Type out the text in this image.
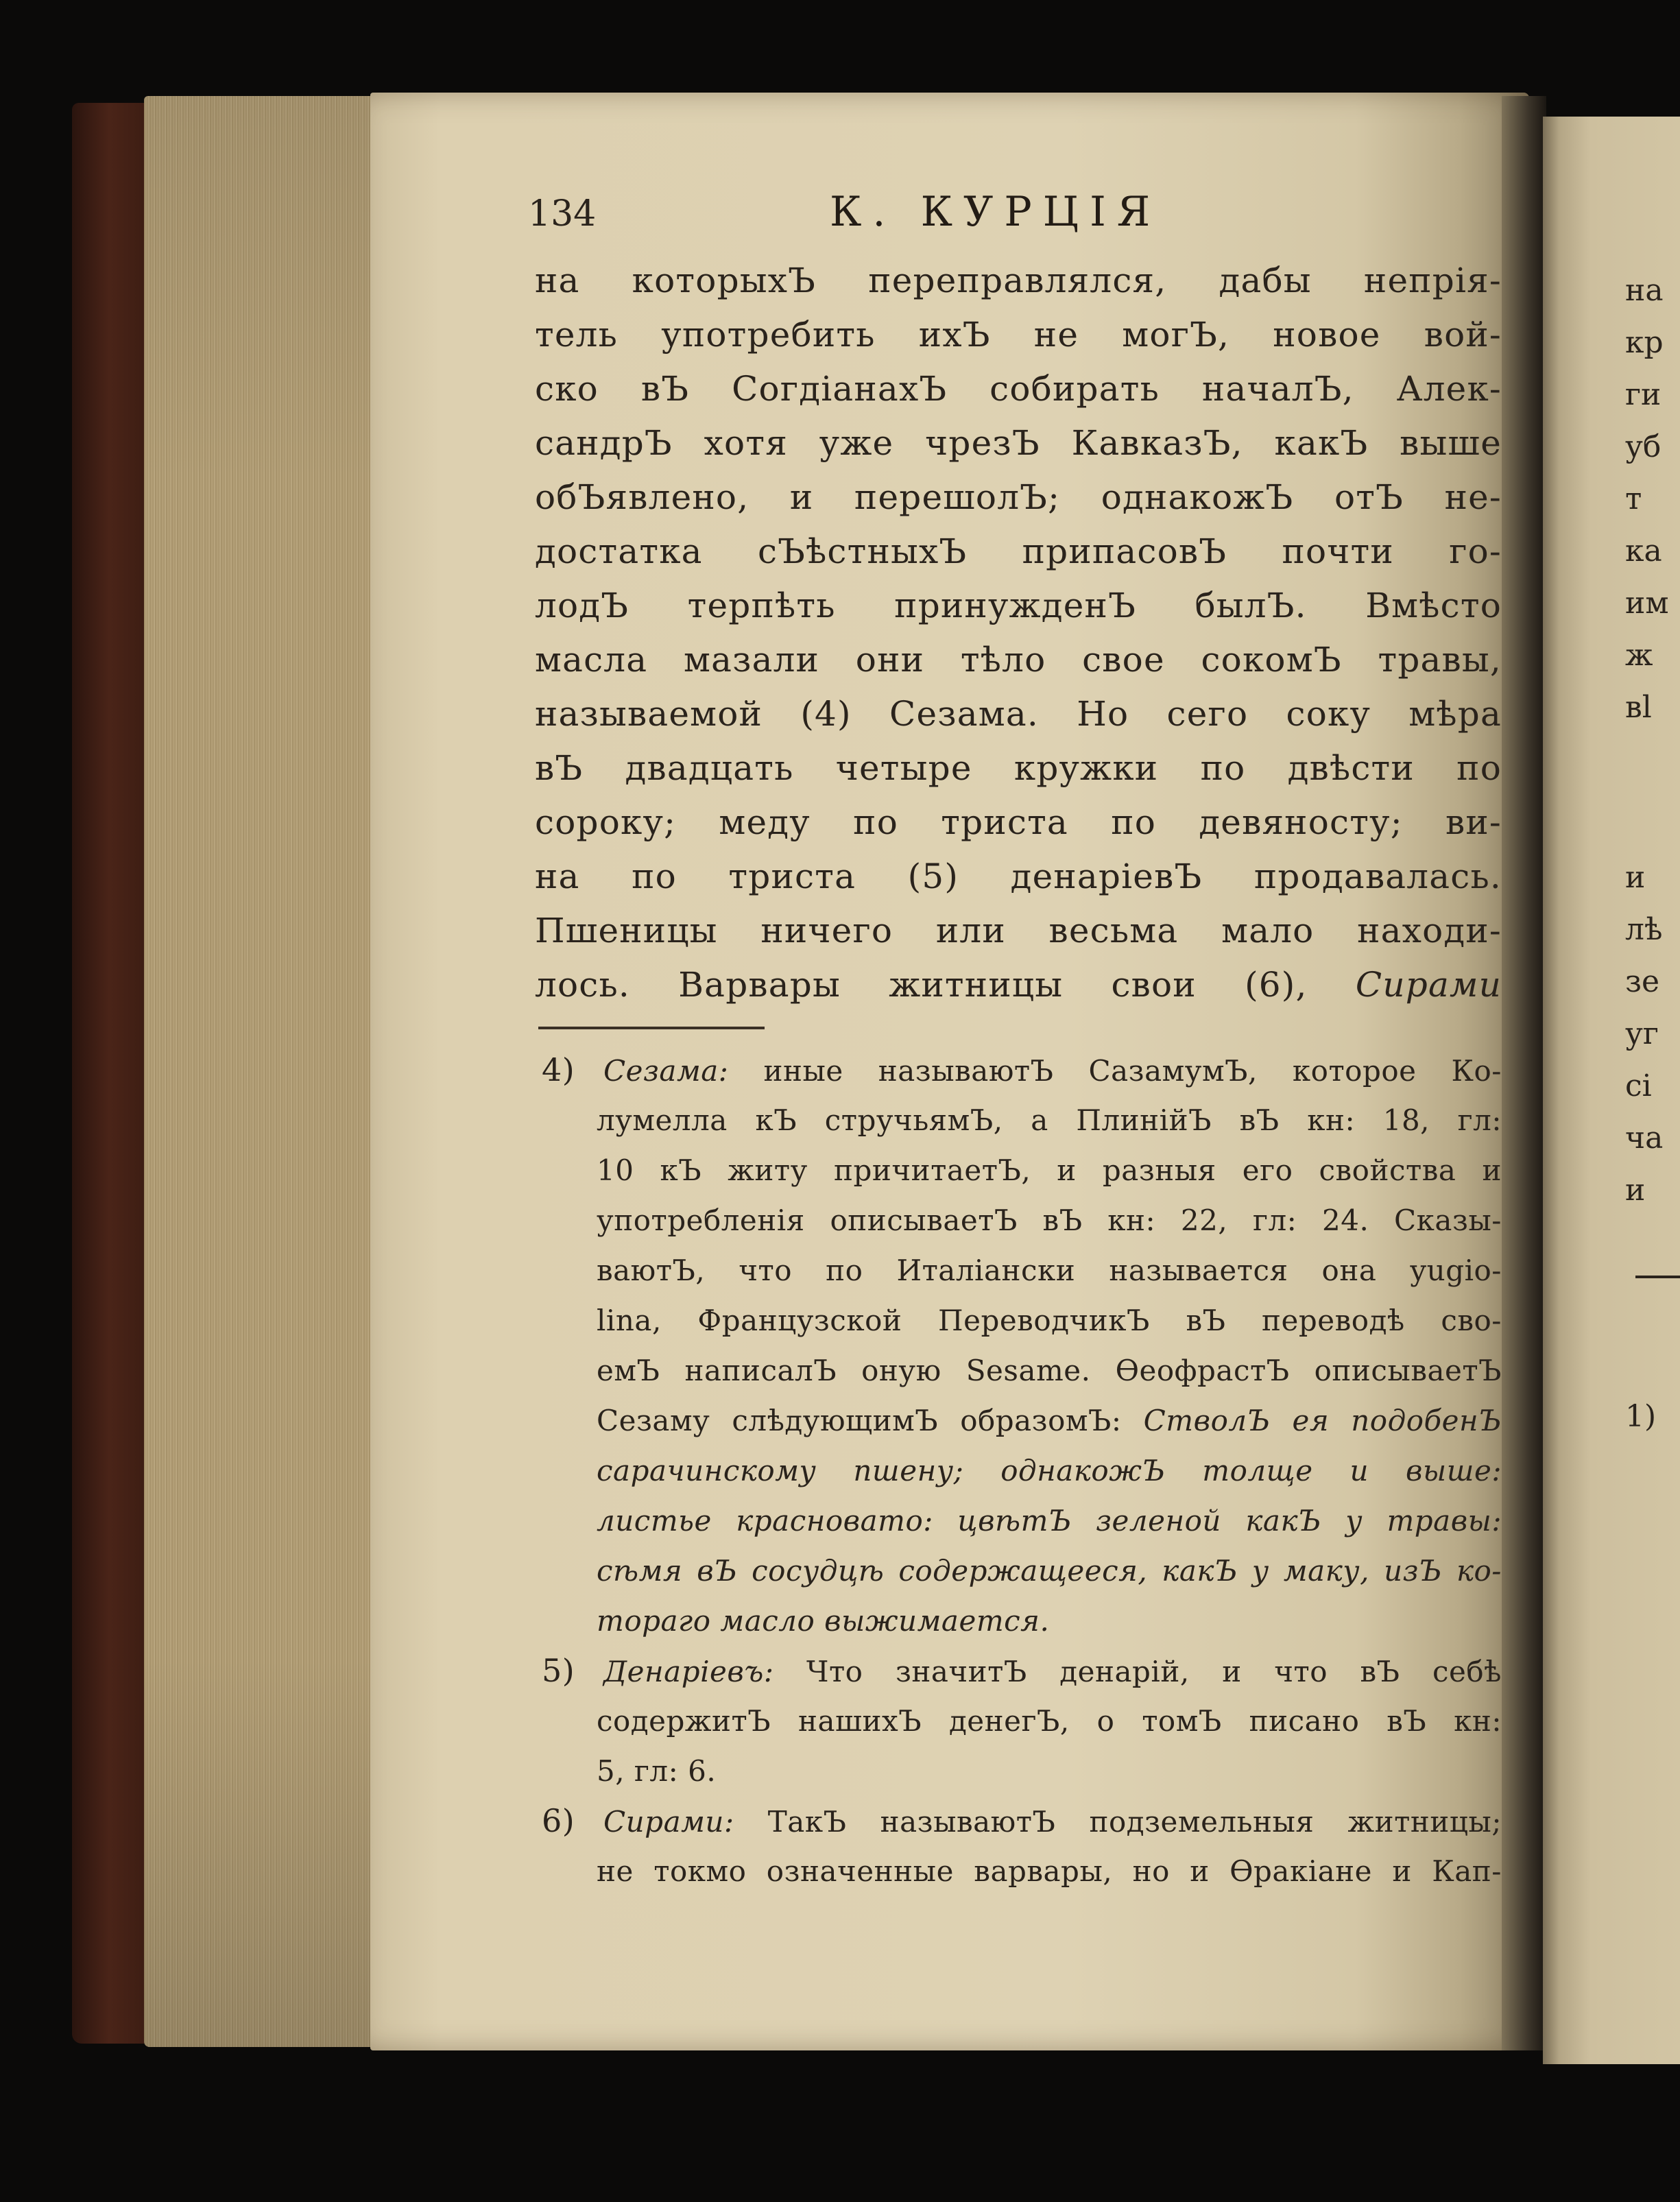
134	К. КУРЦІЯ
на которыхЪ переправлялся, дабы непрія-
тель употребить ихЪ не могЪ, новое вой-
ско вЪ СогдіанахЪ собирать началЪ, Алек-
сандрЪ хотя уже чрезЪ КавказЪ, какЪ выше
обЪявлено, и перешолЪ; однакожЪ отЪ не-
достатка сЪѣстныхЪ припасовЪ почти го-
лодЪ терпѣть принужденЪ былЪ. Вмѣсто
масла мазали они тѣло свое сокомЪ травы,
называемой (4) Сезама. Но сего соку мѣра
вЪ двадцать четыре кружки по двѣсти по
сороку; меду по триста по девяносту; ви-
на по триста (5) денаріевЪ продавалась.
Пшеницы ничего или весьма мало находи-
лось. Варвары житницы свои (6), Сирами
4) Сезама: иные называютЪ СазамумЪ, которое Ко-
лумелла кЪ стручьямЪ, а ПлинійЪ вЪ кн: 18, гл:
10 кЪ житу причитаетЪ, и разныя его свойства и
употребленія описываетЪ вЪ кн: 22, гл: 24. Сказы-
ваютЪ, что по Италіански называется она yugio-
lina, Французской ПереводчикЪ вЪ переводѣ сво-
емЪ написалЪ оную Sesame. ѲеофрастЪ описываетЪ
Сезаму слѣдующимЪ образомЪ: СтволЪ ея подобенЪ
сарачинскому пшену; однакожЪ толще и выше:
листье красновато: цвѣтЪ зеленой какЪ у травы:
сѣмя вЪ сосудцѣ содержащееся, какЪ у маку, изЪ ко-
тораго масло выжимается.
5) Денаріевъ: Что значитЪ денарій, и что вЪ себѣ
содержитЪ нашихЪ денегЪ, о томЪ писано вЪ кн:
5, гл: 6.
6) Сирами: ТакЪ называютЪ подземельныя житницы;
не токмо означенные варвары, но и Ѳракіане и Кап-
на
кр
ги
уб
т
ка
им
ж
вl
и
лѣ
зе
уг
сі
ча
и
1)
